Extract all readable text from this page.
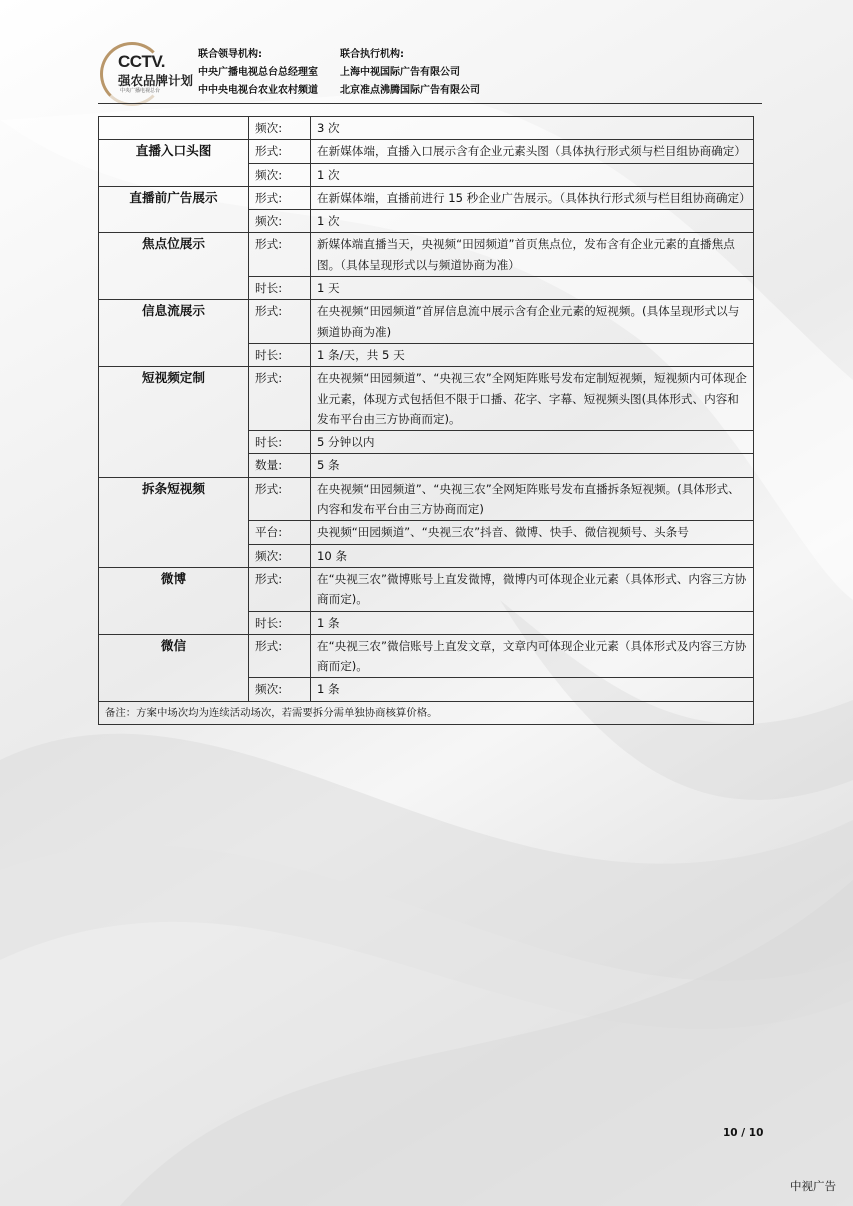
CCTV.
强农品牌计划
中央广播电视总台
联合领导机构:
中央广播电视总台总经理室
中中央电视台农业农村频道
联合执行机构:
上海中视国际广告有限公司
北京准点沸腾国际广告有限公司
	频次:	3 次
直播入口头图	形式:	在新媒体端，直播入口展示含有企业元素头图（具体执行形式须与栏目组协商确定）
	频次:	1 次
直播前广告展示	形式:	在新媒体端，直播前进行 15 秒企业广告展示。（具体执行形式须与栏目组协商确定）
	频次:	1 次
焦点位展示	形式:	新媒体端直播当天，央视频“田园频道”首页焦点位，发布含有企业元素的直播焦点图。（具体呈现形式以与频道协商为准）
	时长:	1 天
信息流展示	形式:	在央视频“田园频道”首屏信息流中展示含有企业元素的短视频。(具体呈现形式以与频道协商为准)
	时长:	1 条/天，共 5 天
短视频定制	形式:	在央视频“田园频道”、“央视三农”全网矩阵账号发布定制短视频，短视频内可体现企业元素，体现方式包括但不限于口播、花字、字幕、短视频头图(具体形式、内容和发布平台由三方协商而定)。
	时长:	5 分钟以内
	数量:	5 条
拆条短视频	形式:	在央视频“田园频道”、“央视三农”全网矩阵账号发布直播拆条短视频。(具体形式、内容和发布平台由三方协商而定)
	平台:	央视频“田园频道”、“央视三农”抖音、微博、快手、微信视频号、头条号
	频次:	10 条
微博	形式:	在“央视三农”微博账号上直发微博，微博内可体现企业元素（具体形式、内容三方协商而定)。
	时长:	1 条
微信	形式:	在“央视三农”微信账号上直发文章，文章内可体现企业元素（具体形式及内容三方协商而定)。
	频次:	1 条
备注：方案中场次均为连续活动场次，若需要拆分需单独协商核算价格。		
10 / 10
中视广告
